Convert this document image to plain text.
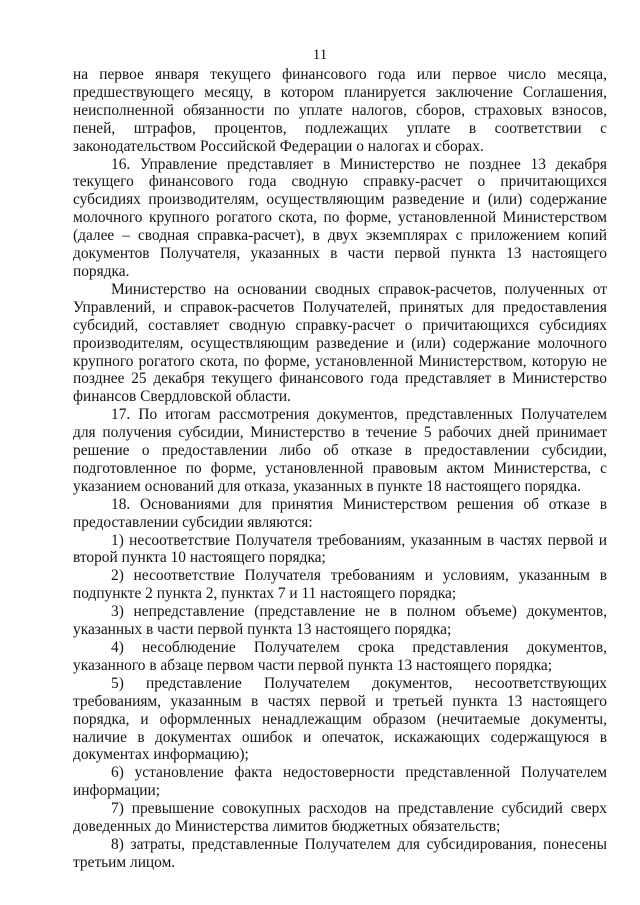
11

на первое января текущего финансового года или первое число месяца, предшествующего месяцу, в котором планируется заключение Соглашения, неисполненной обязанности по уплате налогов, сборов, страховых взносов, пеней, штрафов, процентов, подлежащих уплате в соответствии с законодательством Российской Федерации о налогах и сборах.

16. Управление представляет в Министерство не позднее 13 декабря текущего финансового года сводную справку-расчет о причитающихся субсидиях производителям, осуществляющим разведение и (или) содержание молочного крупного рогатого скота, по форме, установленной Министерством (далее – сводная справка-расчет), в двух экземплярах с приложением копий документов Получателя, указанных в части первой пункта 13 настоящего порядка.

Министерство на основании сводных справок-расчетов, полученных от Управлений, и справок-расчетов Получателей, принятых для предоставления субсидий, составляет сводную справку-расчет о причитающихся субсидиях производителям, осуществляющим разведение и (или) содержание молочного крупного рогатого скота, по форме, установленной Министерством, которую не позднее 25 декабря текущего финансового года представляет в Министерство финансов Свердловской области.

17. По итогам рассмотрения документов, представленных Получателем для получения субсидии, Министерство в течение 5 рабочих дней принимает решение о предоставлении либо об отказе в предоставлении субсидии, подготовленное по форме, установленной правовым актом Министерства, с указанием оснований для отказа, указанных в пункте 18 настоящего порядка.

18. Основаниями для принятия Министерством решения об отказе в предоставлении субсидии являются:

1) несоответствие Получателя требованиям, указанным в частях первой и второй пункта 10 настоящего порядка;

2) несоответствие Получателя требованиям и условиям, указанным в подпункте 2 пункта 2, пунктах 7 и 11 настоящего порядка;

3) непредставление (представление не в полном объеме) документов, указанных в части первой пункта 13 настоящего порядка;

4) несоблюдение Получателем срока представления документов, указанного в абзаце первом части первой пункта 13 настоящего порядка;

5) представление Получателем документов, несоответствующих требованиям, указанным в частях первой и третьей пункта 13 настоящего порядка, и оформленных ненадлежащим образом (нечитаемые документы, наличие в документах ошибок и опечаток, искажающих содержащуюся в документах информацию);

6) установление факта недостоверности представленной Получателем информации;

7) превышение совокупных расходов на представление субсидий сверх доведенных до Министерства лимитов бюджетных обязательств;

8) затраты, представленные Получателем для субсидирования, понесены третьим лицом.
